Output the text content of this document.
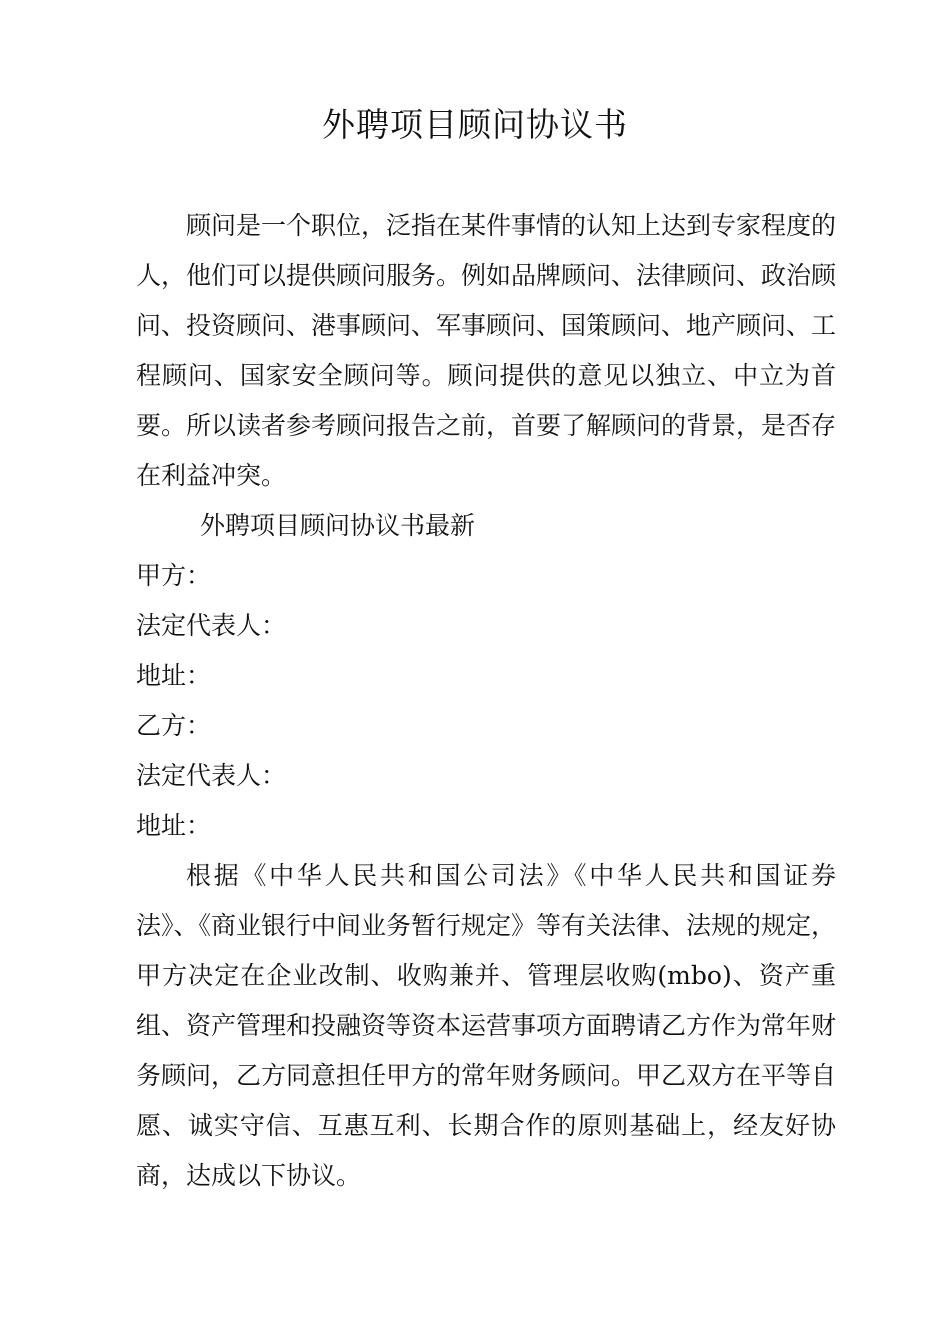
外聘项目顾问协议书

顾问是一个职位，泛指在某件事情的认知上达到专家程度的人，他们可以提供顾问服务。例如品牌顾问、法律顾问、政治顾问、投资顾问、港事顾问、军事顾问、国策顾问、地产顾问、工程顾问、国家安全顾问等。顾问提供的意见以独立、中立为首要。所以读者参考顾问报告之前，首要了解顾问的背景，是否存在利益冲突。

外聘项目顾问协议书最新

甲方：

法定代表人：

地址：

乙方：

法定代表人：

地址：

根据《中华人民共和国公司法》《中华人民共和国证券法》、《商业银行中间业务暂行规定》等有关法律、法规的规定，甲方决定在企业改制、收购兼并、管理层收购(mbo)、资产重组、资产管理和投融资等资本运营事项方面聘请乙方作为常年财务顾问，乙方同意担任甲方的常年财务顾问。甲乙双方在平等自愿、诚实守信、互惠互利、长期合作的原则基础上，经友好协商，达成以下协议。
